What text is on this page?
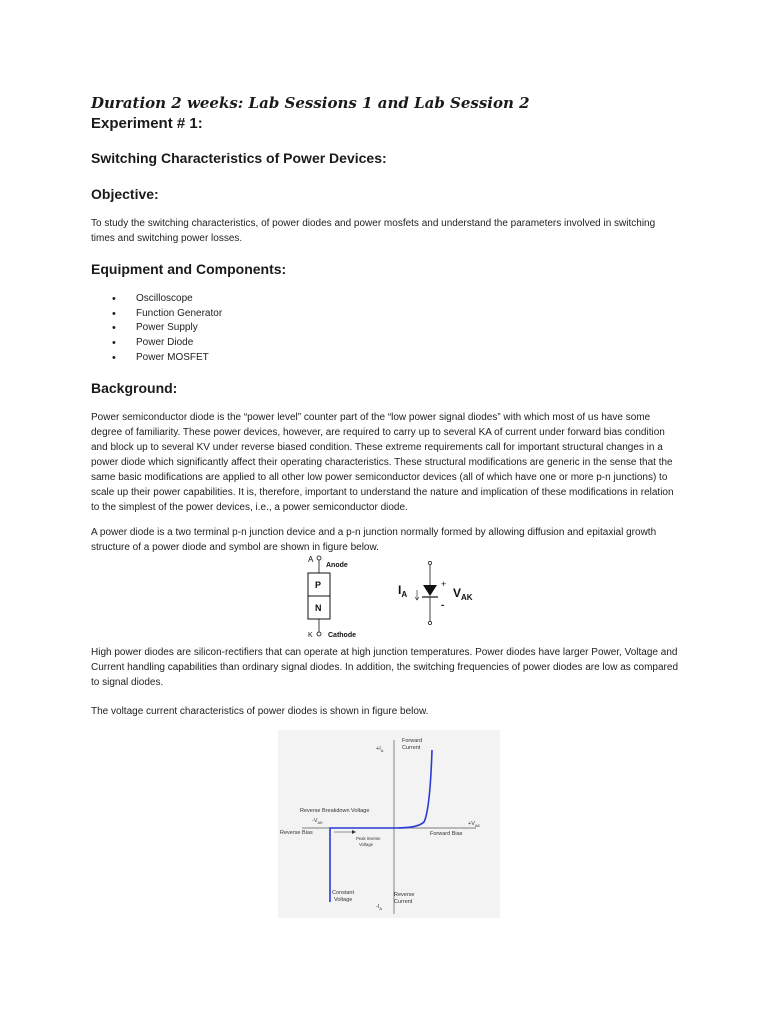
Duration 2 weeks: Lab Sessions 1 and Lab Session 2
Experiment # 1:
Switching Characteristics of Power Devices:
Objective:
To study the switching characteristics, of power diodes and power mosfets and understand the parameters involved in switching times and switching power losses.
Equipment and Components:
• Oscilloscope
• Function Generator
• Power Supply
• Power Diode
• Power MOSFET
Background:
Power semiconductor diode is the “power level” counter part of the “low power signal diodes” with which most of us have some degree of familiarity. These power devices, however, are required to carry up to several KA of current under forward bias condition and block up to several KV under reverse biased condition. These extreme requirements call for important structural changes in a power diode which significantly affect their operating characteristics. These structural modifications are generic in the sense that the same basic modifications are applied to all other low power semiconductor devices (all of which have one or more p-n junctions) to scale up their power capabilities. It is, therefore, important to understand the nature and implication of these modifications in relation to the simplest of the power devices, i.e., a power semiconductor diode.
A power diode is a two terminal p-n junction device and a p-n junction normally formed by allowing diffusion and epitaxial growth structure of a power diode and symbol are shown in figure below.
A
Anode
P
N
K Cathode
$I_A$
+
$V_{AK}$
-
High power diodes are silicon-rectifiers that can operate at high junction temperatures. Power diodes have larger Power, Voltage and Current handling capabilities than ordinary signal diodes. In addition, the switching frequencies of power diodes are low as compared to signal diodes.
The voltage current characteristics of power diodes is shown in figure below.
$+I_A$
Forward
Current
Reverse Breakdown Voltage
$-V_{AK}$	$+V_{AK}$
Reverse Bias	Forward Bias
Peak Inverse
Voltage
Constant
Voltage
Reverse
Current
$-I_A$
